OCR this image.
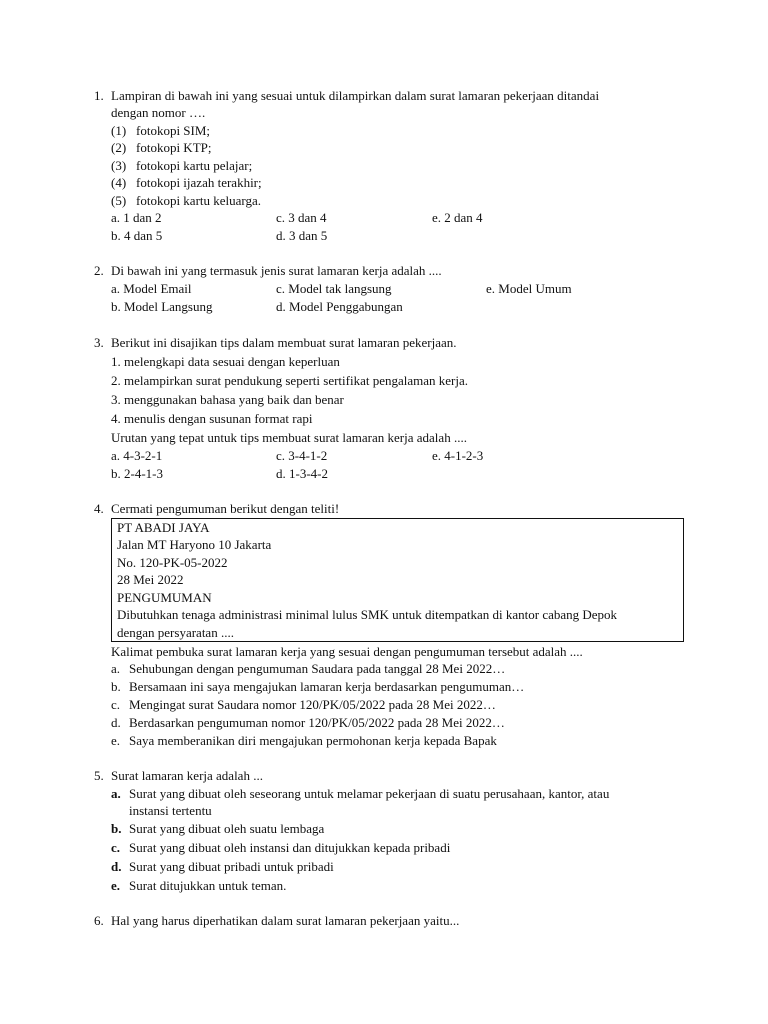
1. Lampiran di bawah ini yang sesuai untuk dilampirkan dalam surat lamaran pekerjaan ditandai
dengan nomor ….
(1) fotokopi SIM;
(2) fotokopi KTP;
(3) fotokopi kartu pelajar;
(4) fotokopi ijazah terakhir;
(5) fotokopi kartu keluarga.
a. 1 dan 2
b. 4 dan 5
c. 3 dan 4
d. 3 dan 5
e. 2 dan 4
2. Di bawah ini yang termasuk jenis surat lamaran kerja adalah ....
a. Model Email
b. Model Langsung
c. Model tak langsung
d. Model Penggabungan
e. Model Umum
3. Berikut ini disajikan tips dalam membuat surat lamaran pekerjaan.
1. melengkapi data sesuai dengan keperluan
2. melampirkan surat pendukung seperti sertifikat pengalaman kerja.
3. menggunakan bahasa yang baik dan benar
4. menulis dengan susunan format rapi
Urutan yang tepat untuk tips membuat surat lamaran kerja adalah ....
a. 4-3-2-1
b. 2-4-1-3
c. 3-4-1-2
d. 1-3-4-2
e. 4-1-2-3
4. Cermati pengumuman berikut dengan teliti!
PT ABADI JAYA
Jalan MT Haryono 10 Jakarta
No. 120-PK-05-2022
28 Mei 2022
PENGUMUMAN
Dibutuhkan tenaga administrasi minimal lulus SMK untuk ditempatkan di kantor cabang Depok
dengan persyaratan ....
Kalimat pembuka surat lamaran kerja yang sesuai dengan pengumuman tersebut adalah ....
a. Sehubungan dengan pengumuman Saudara pada tanggal 28 Mei 2022…
b. Bersamaan ini saya mengajukan lamaran kerja berdasarkan pengumuman…
c. Mengingat surat Saudara nomor 120/PK/05/2022 pada 28 Mei 2022…
d. Berdasarkan pengumuman nomor 120/PK/05/2022 pada 28 Mei 2022…
e. Saya memberanikan diri mengajukan permohonan kerja kepada Bapak
5. Surat lamaran kerja adalah ...
a. Surat yang dibuat oleh seseorang untuk melamar pekerjaan di suatu perusahaan, kantor, atau
instansi tertentu
b. Surat yang dibuat oleh suatu lembaga
c. Surat yang dibuat oleh instansi dan ditujukkan kepada pribadi
d. Surat yang dibuat pribadi untuk pribadi
e. Surat ditujukkan untuk teman.
6. Hal yang harus diperhatikan dalam surat lamaran pekerjaan yaitu...
